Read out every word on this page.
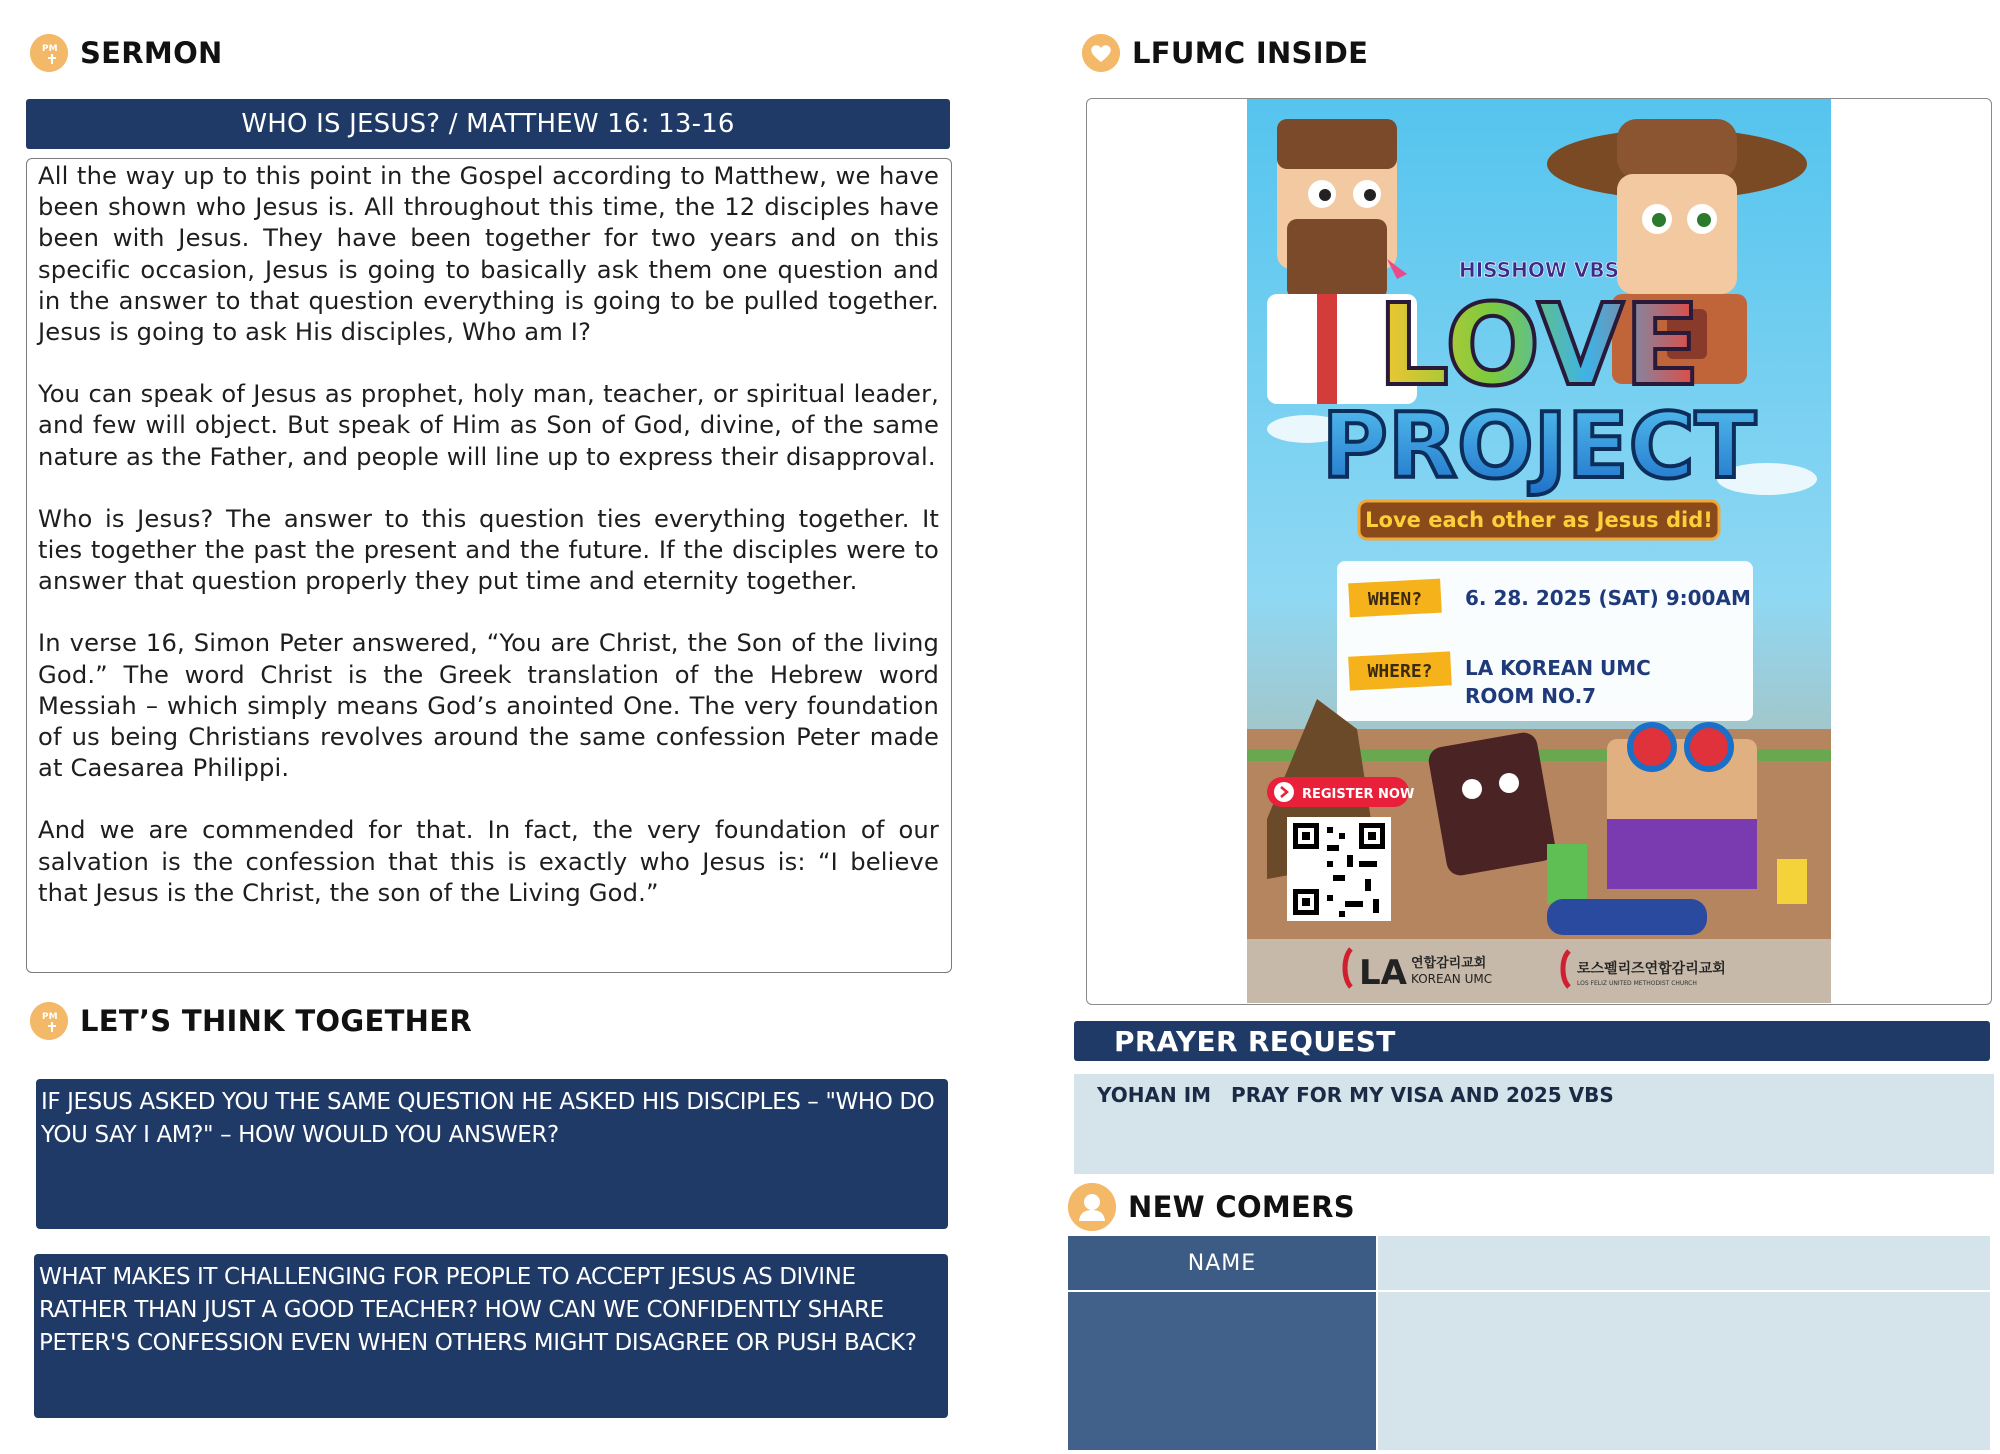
PM SERMON
WHO IS JESUS? / MATTHEW 16: 13-16

All the way up to this point in the Gospel according to Matthew, we have been shown who Jesus is. All throughout this time, the 12 disciples have been with Jesus. They have been together for two years and on this specific occasion, Jesus is going to basically ask them one question and in the answer to that question everything is going to be pulled together. Jesus is going to ask His disciples, Who am I?

You can speak of Jesus as prophet, holy man, teacher, or spiritual leader, and few will object. But speak of Him as Son of God, divine, of the same nature as the Father, and people will line up to express their disapproval.

Who is Jesus? The answer to this question ties everything together. It ties together the past the present and the future. If the disciples were to answer that question properly they put time and eternity together.

In verse 16, Simon Peter answered, “You are Christ, the Son of the living God.” The word Christ is the Greek translation of the Hebrew word Messiah – which simply means God’s anointed One. The very foundation of us being Christians revolves around the same confession Peter made at Caesarea Philippi.

And we are commended for that. In fact, the very foundation of our salvation is the confession that this is exactly who Jesus is: “I believe that Jesus is the Christ, the son of the Living God.”

PM LET’S THINK TOGETHER
IF JESUS ASKED YOU THE SAME QUESTION HE ASKED HIS DISCIPLES – "WHO DO YOU SAY I AM?" – HOW WOULD YOU ANSWER?
WHAT MAKES IT CHALLENGING FOR PEOPLE TO ACCEPT JESUS AS DIVINE RATHER THAN JUST A GOOD TEACHER? HOW CAN WE CONFIDENTLY SHARE PETER'S CONFESSION EVEN WHEN OTHERS MIGHT DISAGREE OR PUSH BACK?
LFUMC INSIDE
HISSHOW VBS
LOVE
PROJECT
Love each other as Jesus did!
WHEN? 6. 28. 2025 (SAT) 9:00AM
WHERE? LA KOREAN UMC
ROOM NO.7
REGISTER NOW
LA 연합감리교회
KOREAN UMC
로스펠리즈연합감리교회
LOS FELIZ UNITED METHODIST CHURCH
PRAYER REQUEST
YOHAN IM PRAY FOR MY VISA AND 2025 VBS
NEW COMERS
NAME
